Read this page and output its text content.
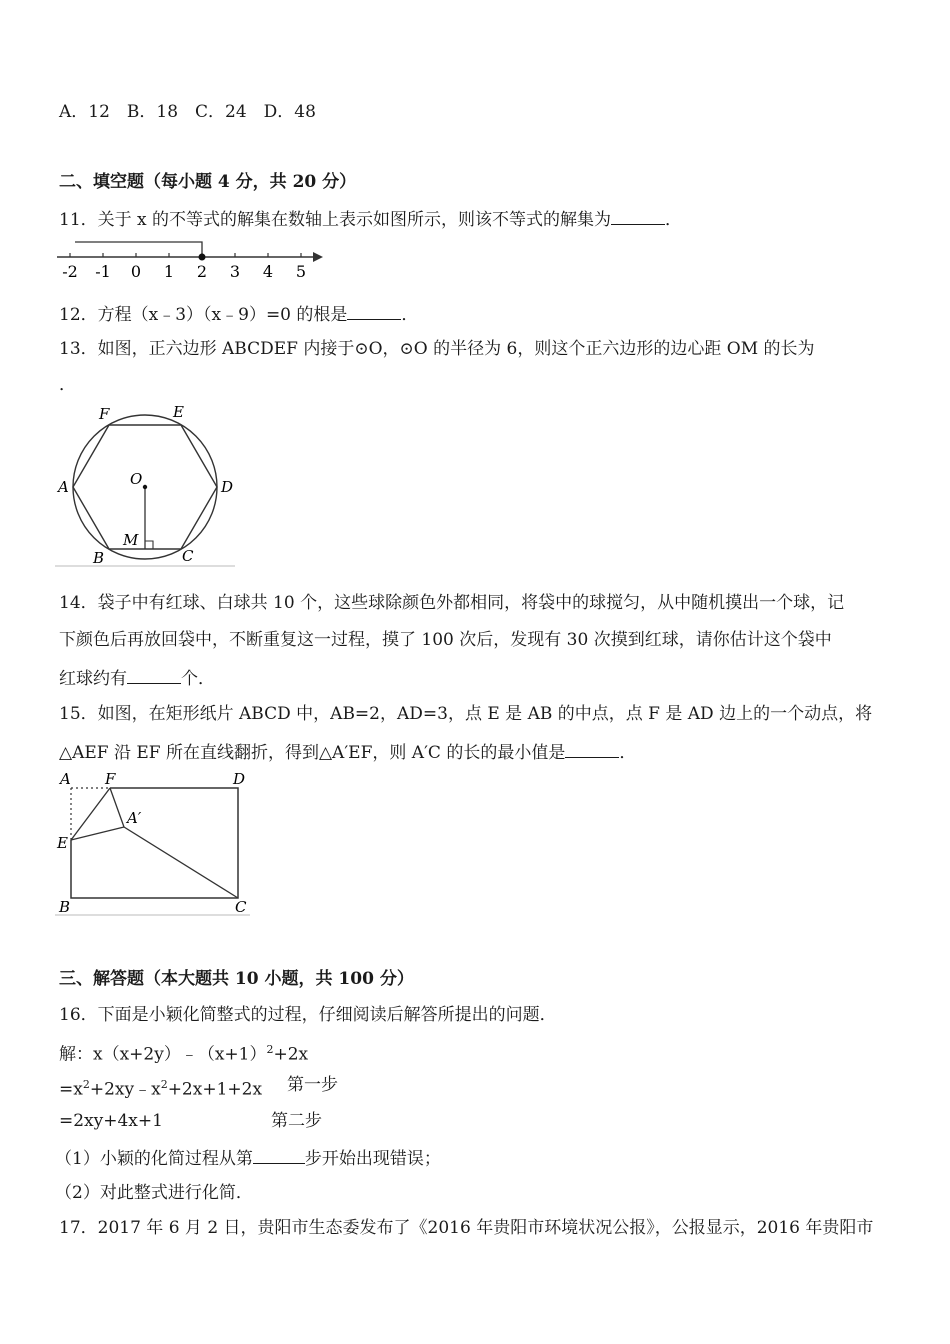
A．12　B．18　C．24　D．48
二、填空题（每小题 4 分，共 20 分）
11．关于 x 的不等式的解集在数轴上表示如图所示，则该不等式的解集为	．
-2 -1 0 1 2 3 4 5
12．方程（x﹣3）（x﹣9）=0 的根是	．
13．如图，正六边形 ABCDEF 内接于⊙O，⊙O 的半径为 6，则这个正六边形的边心距 OM 的长为
．
A
B	C
D
E
F
O
M
14．袋子中有红球、白球共 10 个，这些球除颜色外都相同，将袋中的球搅匀，从中随机摸出一个球，记
下颜色后再放回袋中，不断重复这一过程，摸了 100 次后，发现有 30 次摸到红球，请你估计这个袋中
红球约有	个．
15．如图，在矩形纸片 ABCD 中，AB=2，AD=3，点 E 是 AB 的中点，点 F 是 AD 边上的一个动点，将
△AEF 沿 EF 所在直线翻折，得到△A′EF，则 A′C 的长的最小值是	．
A F	D
A′
E
B	C
三、解答题（本大题共 10 小题，共 100 分）
16．下面是小颖化简整式的过程，仔细阅读后解答所提出的问题．
解：$x(x+2y)﹣(x+1)^2+2x$
$=x^2+2xy﹣x^2+2x+1+2x$ 第一步
=2xy+4x+1	第二步
（1）小颖的化简过程从第	步开始出现错误；
（2）对此整式进行化简．
17．2017 年 6 月 2 日，贵阳市生态委发布了《2016 年贵阳市环境状况公报》，公报显示，2016 年贵阳市
